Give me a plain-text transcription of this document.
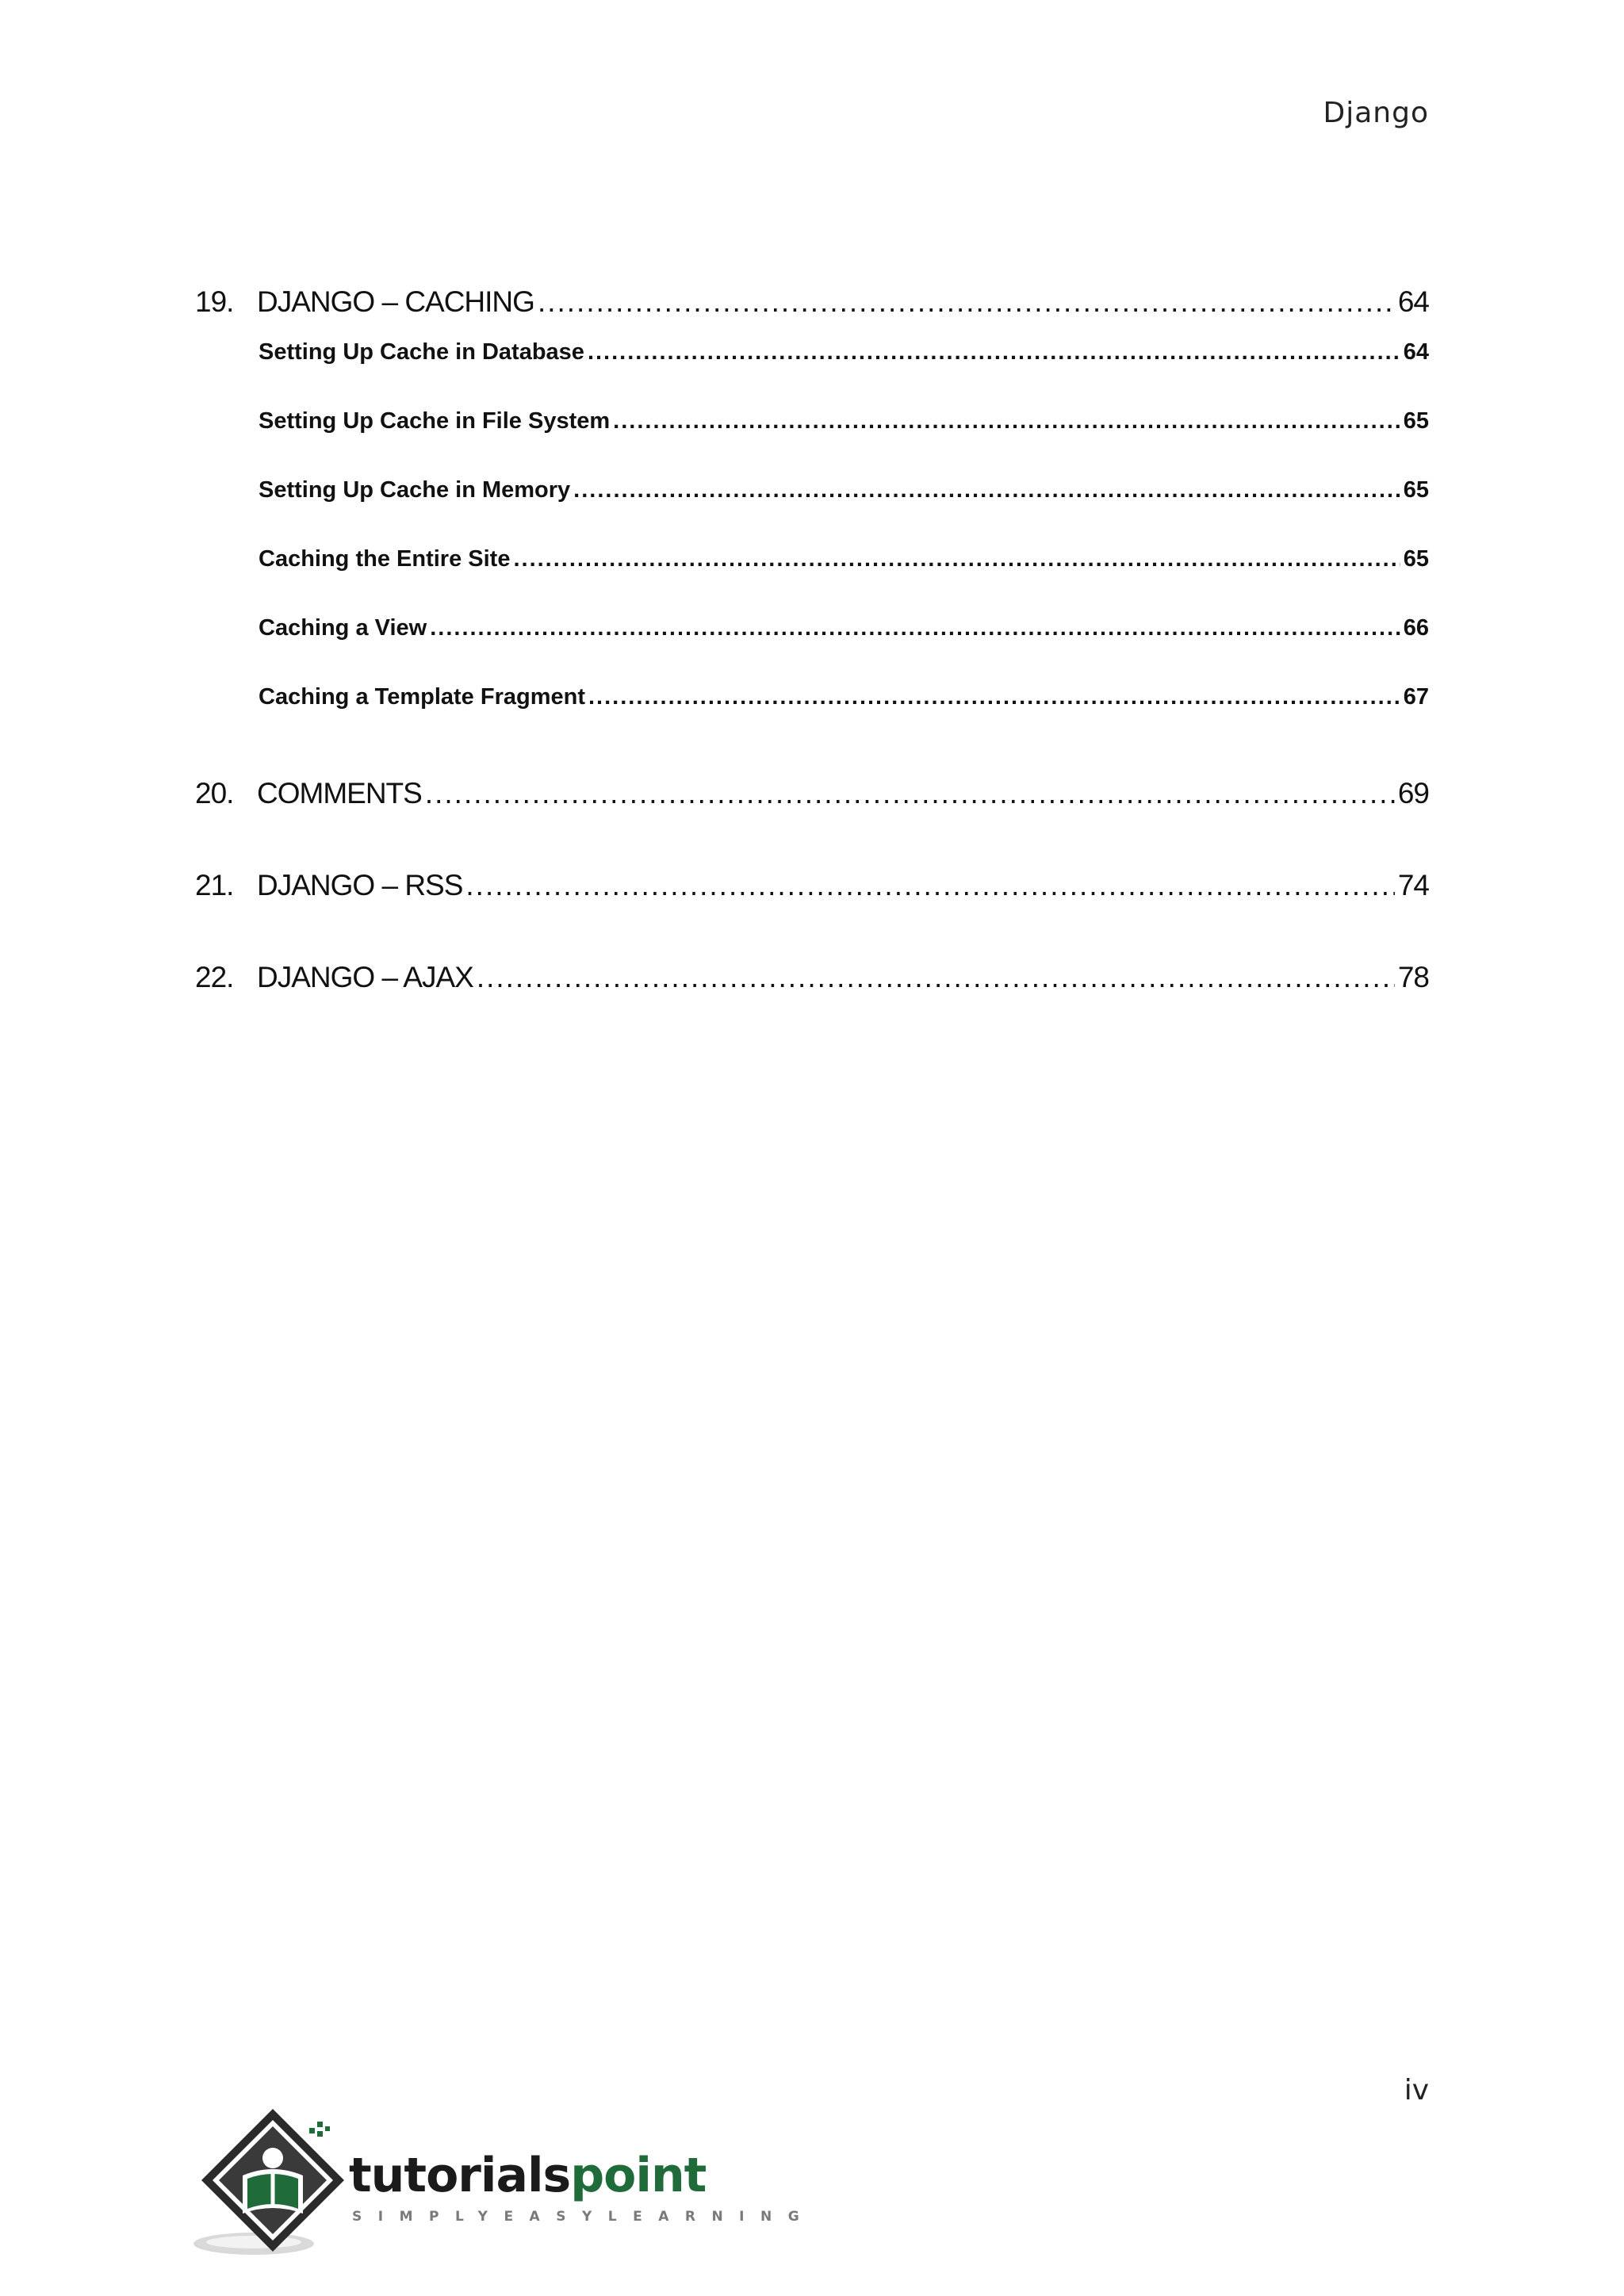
Django
19. DJANGO – CACHING .....	64
Setting Up Cache in Database .....	64
Setting Up Cache in File System .....	65
Setting Up Cache in Memory .....	65
Caching the Entire Site .....	65
Caching a View .....	66
Caching a Template Fragment .....	67
20. COMMENTS .....	69
21. DJANGO – RSS .....	74
22. DJANGO – AJAX .....	78
iv
tutorialspoint
SIMPLYEASYLEARNING
